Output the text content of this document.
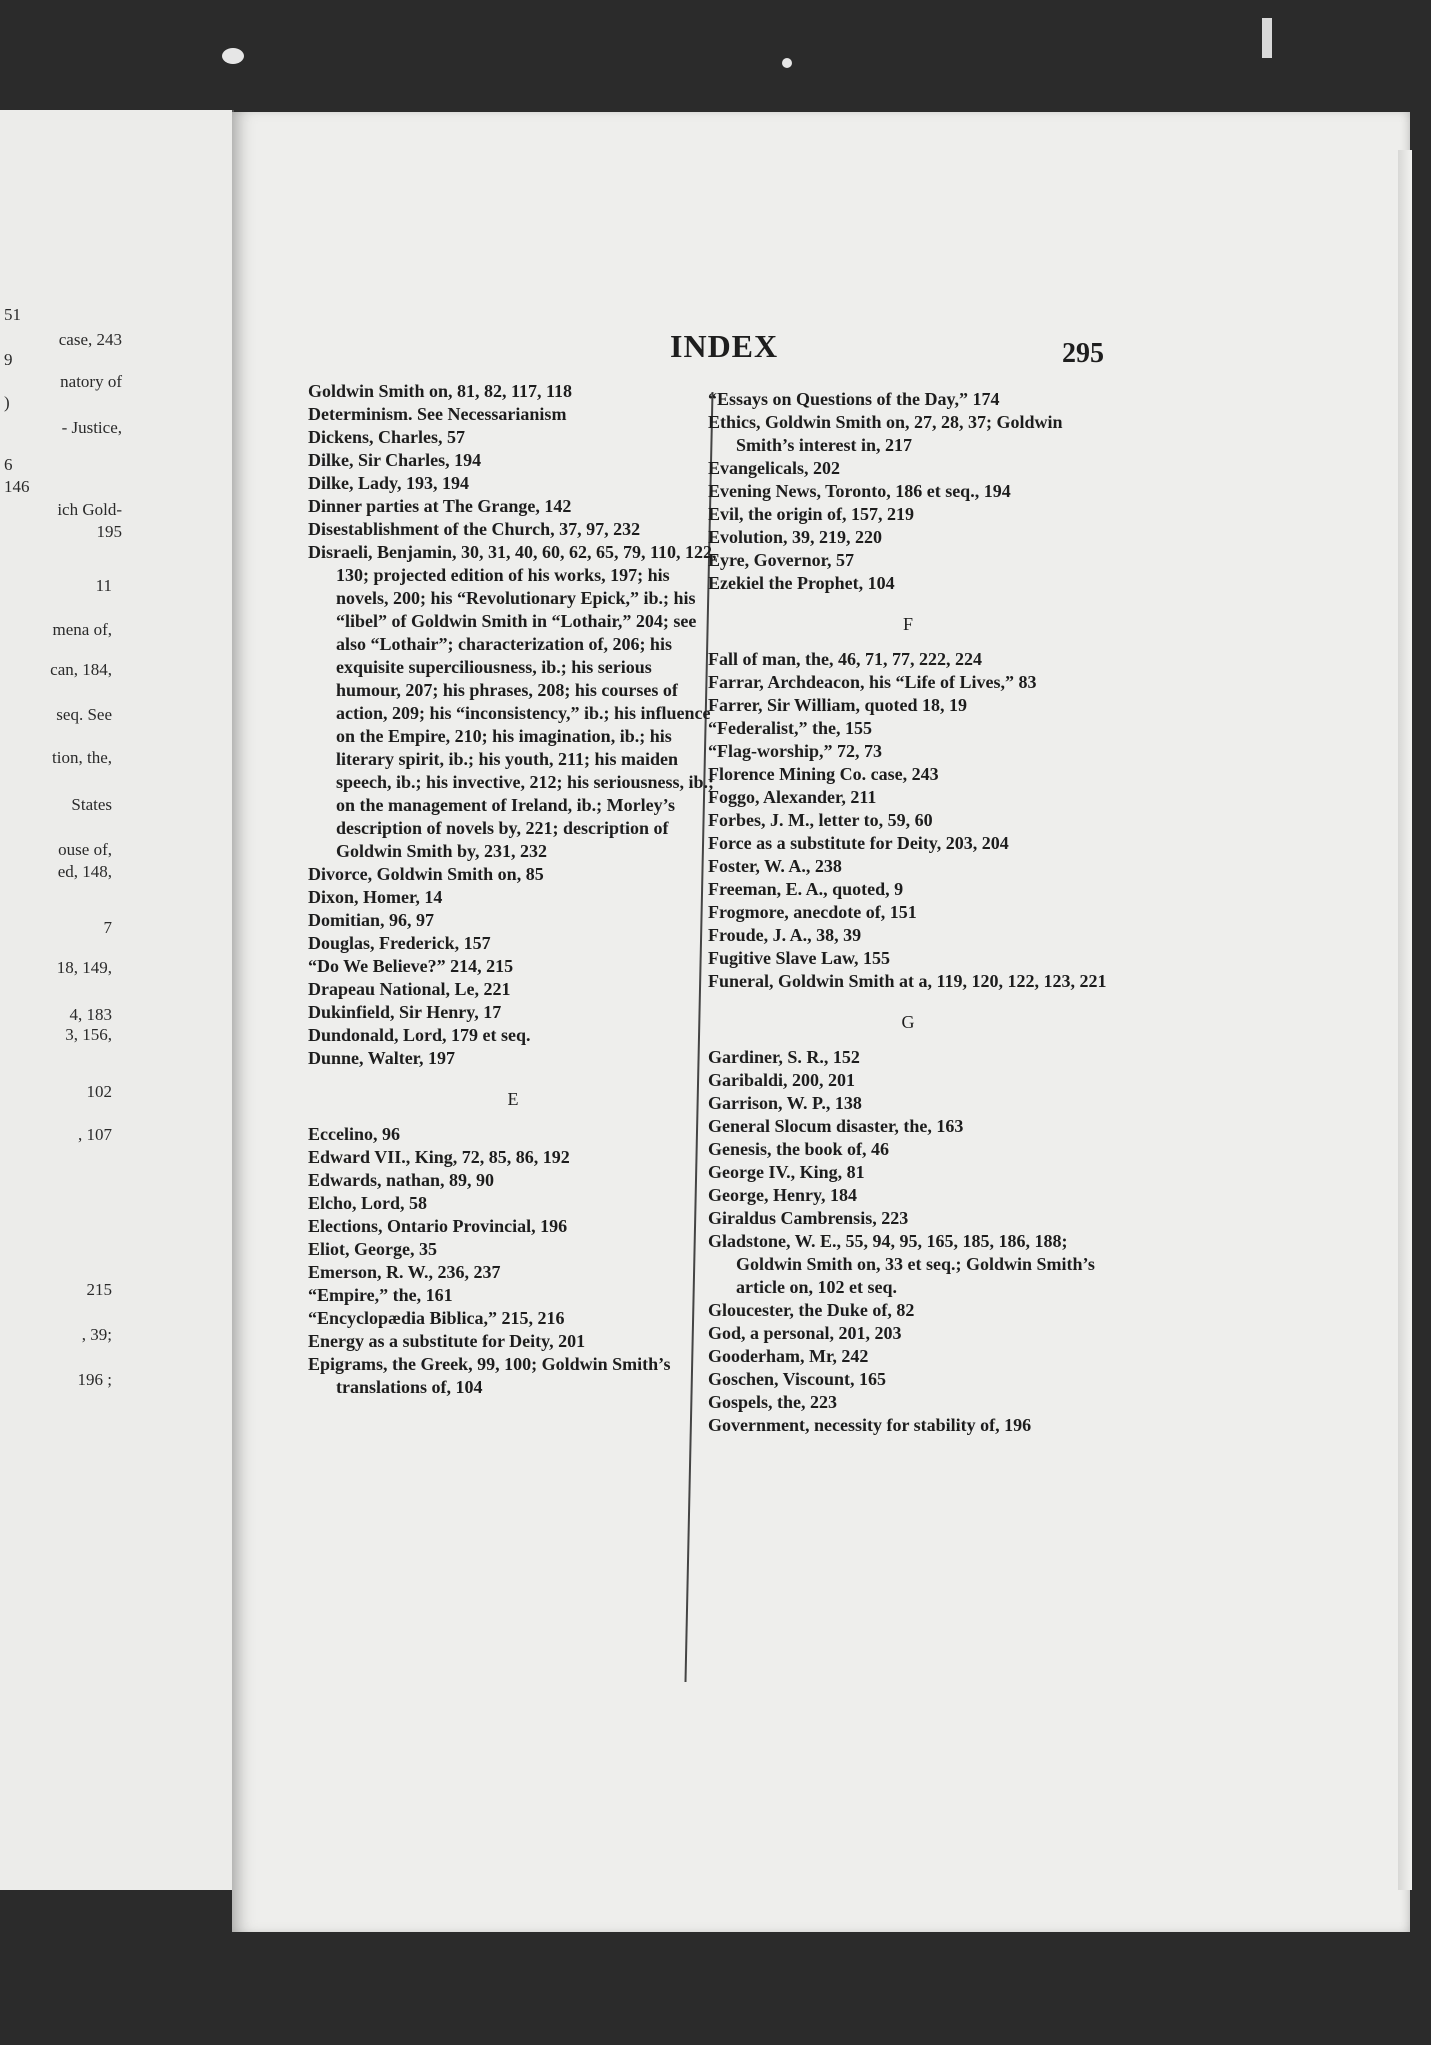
51
case, 243
9
natory of
)
- Justice,
6
146
ich Gold-
195
11
mena of,
can, 184,
seq. See
tion, the,
States
ouse of,
ed, 148,
7
18, 149,
4, 183
3, 156,
102
, 107
215
, 39;
196 ;
INDEX	295

Goldwin Smith on, 81, 82, 117, 118

Determinism. See Necessarianism

Dickens, Charles, 57

Dilke, Sir Charles, 194

Dilke, Lady, 193, 194

Dinner parties at The Grange, 142

Disestablishment of the Church, 37, 97, 232

Disraeli, Benjamin, 30, 31, 40, 60, 62, 65, 79, 110, 122, 130; projected edition of his works, 197; his novels, 200; his “Revolutionary Epick,” ib.; his “libel” of Goldwin Smith in “Lothair,” 204; see also “Lothair”; characterization of, 206; his exquisite superciliousness, ib.; his serious humour, 207; his phrases, 208; his courses of action, 209; his “inconsistency,” ib.; his influence on the Empire, 210; his imagination, ib.; his literary spirit, ib.; his youth, 211; his maiden speech, ib.; his invective, 212; his seriousness, ib.; on the management of Ireland, ib.; Morley’s description of novels by, 221; description of Goldwin Smith by, 231, 232

Divorce, Goldwin Smith on, 85

Dixon, Homer, 14

Domitian, 96, 97

Douglas, Frederick, 157

“Do We Believe?” 214, 215

Drapeau National, Le, 221

Dukinfield, Sir Henry, 17

Dundonald, Lord, 179 et seq.

Dunne, Walter, 197

E

Eccelino, 96

Edward VII., King, 72, 85, 86, 192

Edwards, nathan, 89, 90

Elcho, Lord, 58

Elections, Ontario Provincial, 196

Eliot, George, 35

Emerson, R. W., 236, 237

“Empire,” the, 161

“Encyclopædia Biblica,” 215, 216

Energy as a substitute for Deity, 201

Epigrams, the Greek, 99, 100; Goldwin Smith’s translations of, 104

“Essays on Questions of the Day,” 174

Ethics, Goldwin Smith on, 27, 28, 37; Goldwin Smith’s interest in, 217

Evangelicals, 202

Evening News, Toronto, 186 et seq., 194

Evil, the origin of, 157, 219

Evolution, 39, 219, 220

Eyre, Governor, 57

Ezekiel the Prophet, 104

F

Fall of man, the, 46, 71, 77, 222, 224

Farrar, Archdeacon, his “Life of Lives,” 83

Farrer, Sir William, quoted 18, 19

“Federalist,” the, 155

“Flag-worship,” 72, 73

Florence Mining Co. case, 243

Foggo, Alexander, 211

Forbes, J. M., letter to, 59, 60

Force as a substitute for Deity, 203, 204

Foster, W. A., 238

Freeman, E. A., quoted, 9

Frogmore, anecdote of, 151

Froude, J. A., 38, 39

Fugitive Slave Law, 155

Funeral, Goldwin Smith at a, 119, 120, 122, 123, 221

G

Gardiner, S. R., 152

Garibaldi, 200, 201

Garrison, W. P., 138

General Slocum disaster, the, 163

Genesis, the book of, 46

George IV., King, 81

George, Henry, 184

Giraldus Cambrensis, 223

Gladstone, W. E., 55, 94, 95, 165, 185, 186, 188; Goldwin Smith on, 33 et seq.; Goldwin Smith’s article on, 102 et seq.

Gloucester, the Duke of, 82

God, a personal, 201, 203

Gooderham, Mr, 242

Goschen, Viscount, 165

Gospels, the, 223

Government, necessity for stability of, 196
